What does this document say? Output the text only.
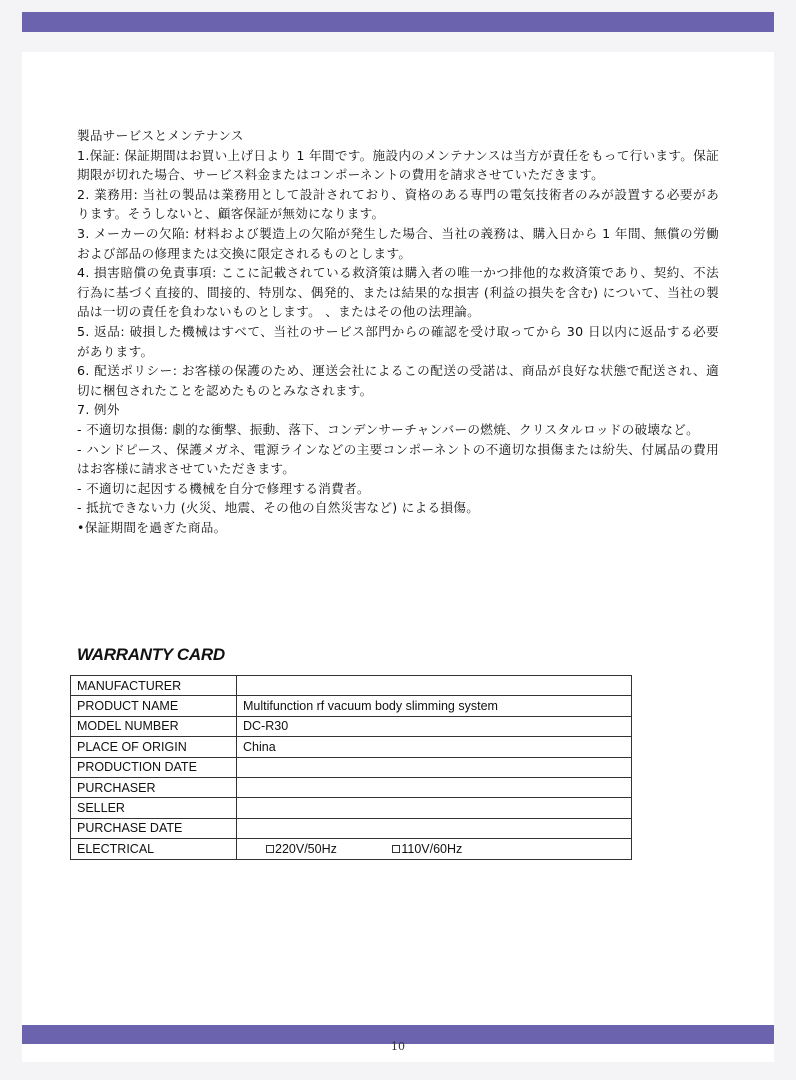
製品サービスとメンテナンス

1.保証: 保証期間はお買い上げ日より 1 年間です。施設内のメンテナンスは当方が責任をもって行います。保証期限が切れた場合、サービス料金またはコンポーネントの費用を請求させていただきます。

2. 業務用: 当社の製品は業務用として設計されており、資格のある専門の電気技術者のみが設置する必要があります。そうしないと、顧客保証が無効になります。

3. メーカーの欠陥: 材料および製造上の欠陥が発生した場合、当社の義務は、購入日から 1 年間、無償の労働および部品の修理または交換に限定されるものとします。

4. 損害賠償の免責事項: ここに記載されている救済策は購入者の唯一かつ排他的な救済策であり、契約、不法行為に基づく直接的、間接的、特別な、偶発的、または結果的な損害 (利益の損失を含む) について、当社の製品は一切の責任を負わないものとします。 、またはその他の法理論。

5. 返品: 破損した機械はすべて、当社のサービス部門からの確認を受け取ってから 30 日以内に返品する必要があります。

6. 配送ポリシー: お客様の保護のため、運送会社によるこの配送の受諾は、商品が良好な状態で配送され、適切に梱包されたことを認めたものとみなされます。

7. 例外

- 不適切な損傷: 劇的な衝撃、振動、落下、コンデンサーチャンバーの燃焼、クリスタルロッドの破壊など。

- ハンドピース、保護メガネ、電源ラインなどの主要コンポーネントの不適切な損傷または紛失、付属品の費用はお客様に請求させていただきます。

- 不適切に起因する機械を自分で修理する消費者。

- 抵抗できない力 (火災、地震、その他の自然災害など) による損傷。

•保証期間を過ぎた商品。

WARRANTY CARD
MANUFACTURER	
PRODUCT NAME	Multifunction rf vacuum body slimming system
MODEL NUMBER	DC-R30
PLACE OF ORIGIN	China
PRODUCTION DATE	
PURCHASER	
SELLER	
PURCHASE DATE	
ELECTRICAL	220V/50Hz 110V/60Hz
10
